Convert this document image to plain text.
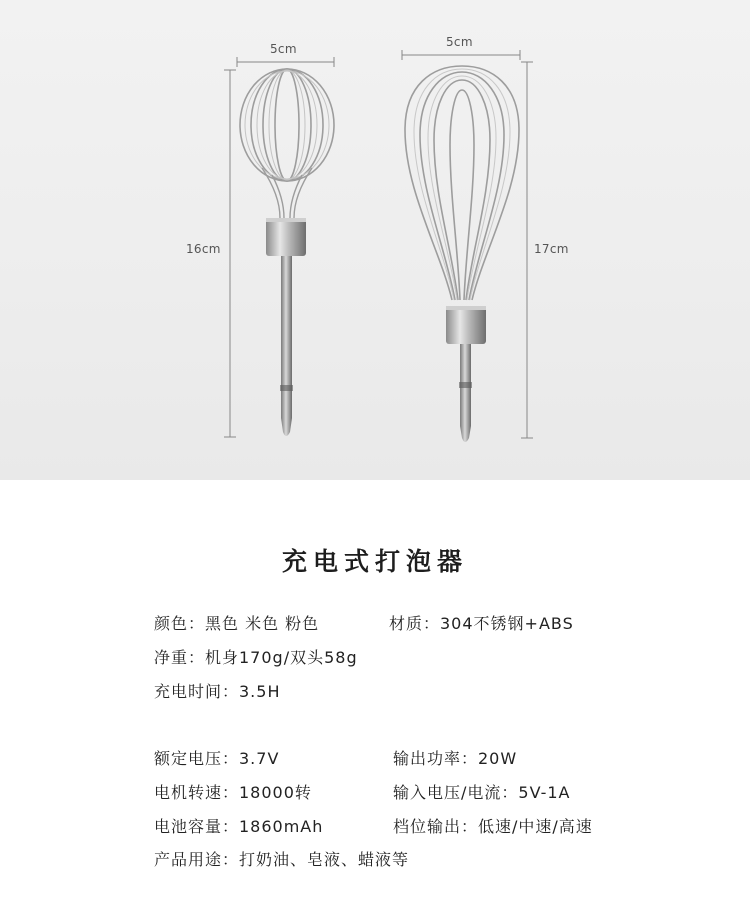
5cm
16cm
5cm
17cm
充电式打泡器
颜色：黑色 米色 粉色	材质：304不锈钢+ABS
净重：机身170g/双头58g
充电时间：3.5H
额定电压：3.7V	输出功率：20W
电机转速：18000转	输入电压/电流：5V-1A
电池容量：1860mAh	档位输出：低速/中速/高速
产品用途：打奶油、皂液、蜡液等
